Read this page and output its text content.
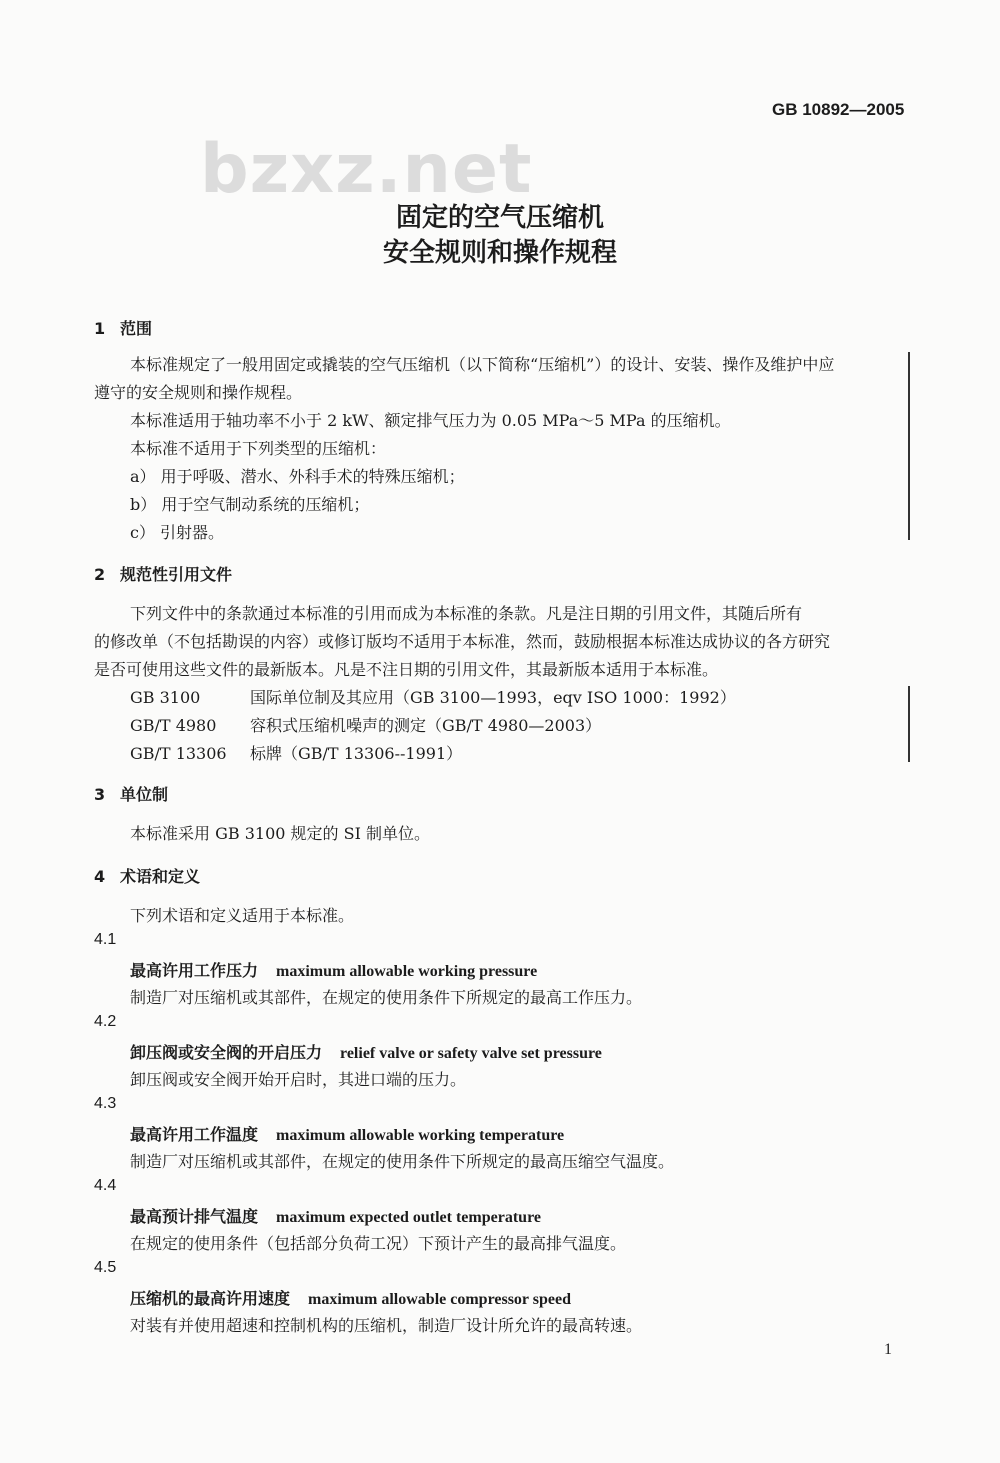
GB 10892—2005
bzxz.net
固定的空气压缩机
安全规则和操作规程
1 范围
本标准规定了一般用固定或撬装的空气压缩机（以下简称“压缩机”）的设计、安装、操作及维护中应
遵守的安全规则和操作规程。
本标准适用于轴功率不小于 2 kW、额定排气压力为 0.05 MPa～5 MPa 的压缩机。
本标准不适用于下列类型的压缩机：
a） 用于呼吸、潜水、外科手术的特殊压缩机；
b） 用于空气制动系统的压缩机；
c） 引射器。
2 规范性引用文件
下列文件中的条款通过本标准的引用而成为本标准的条款。凡是注日期的引用文件，其随后所有
的修改单（不包括勘误的内容）或修订版均不适用于本标准，然而，鼓励根据本标准达成协议的各方研究
是否可使用这些文件的最新版本。凡是不注日期的引用文件，其最新版本适用于本标准。
GB 3100	国际单位制及其应用（GB 3100—1993，eqv ISO 1000：1992）
GB/T 4980 容积式压缩机噪声的测定（GB/T 4980—2003）
GB/T 13306 标牌（GB/T 13306--1991）
3 单位制
本标准采用 GB 3100 规定的 SI 制单位。
4 术语和定义
下列术语和定义适用于本标准。
4.1
最高许用工作压力 maximum allowable working pressure
制造厂对压缩机或其部件，在规定的使用条件下所规定的最高工作压力。
4.2
卸压阀或安全阀的开启压力 relief valve or safety valve set pressure
卸压阀或安全阀开始开启时，其进口端的压力。
4.3
最高许用工作温度 maximum allowable working temperature
制造厂对压缩机或其部件，在规定的使用条件下所规定的最高压缩空气温度。
4.4
最高预计排气温度 maximum expected outlet temperature
在规定的使用条件（包括部分负荷工况）下预计产生的最高排气温度。
4.5
压缩机的最高许用速度 maximum allowable compressor speed
对装有并使用超速和控制机构的压缩机，制造厂设计所允许的最高转速。
1
